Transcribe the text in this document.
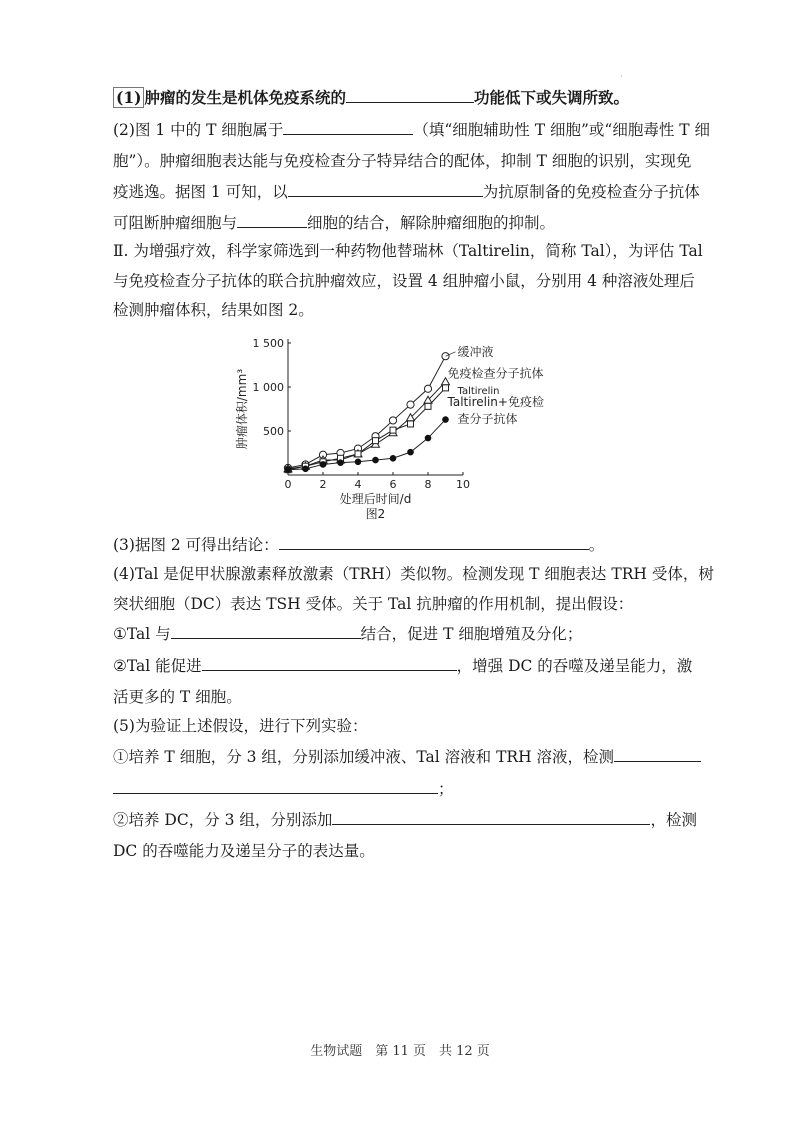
·
(1) 肿瘤的发生是机体免疫系统的	功能低下或失调所致。
(2)图 1 中的 T 细胞属于	（填“细胞辅助性 T 细胞”或“细胞毒性 T 细
胞”）。肿瘤细胞表达能与免疫检查分子特异结合的配体，抑制 T 细胞的识别，实现免
疫逃逸。据图 1 可知，以	为抗原制备的免疫检查分子抗体
可阻断肿瘤细胞与	细胞的结合，解除肿瘤细胞的抑制。
Ⅱ. 为增强疗效，科学家筛选到一种药物他替瑞林（Taltirelin，简称 Tal），为评估 Tal
与免疫检查分子抗体的联合抗肿瘤效应，设置 4 组肿瘤小鼠，分别用 4 种溶液处理后
检测肿瘤体积，结果如图 2。
0	2	4	6	8 10
500
1 000
1 500
处理后时间/d
图2
肿瘤体积/mm³
缓冲液
免疫检查分子抗体
Taltirelin
Taltirelin+免疫检
查分子抗体
(3)据图 2 可得出结论：	。
(4)Tal 是促甲状腺激素释放激素（TRH）类似物。检测发现 T 细胞表达 TRH 受体，树
突状细胞（DC）表达 TSH 受体。关于 Tal 抗肿瘤的作用机制，提出假设：
①Tal 与	结合，促进 T 细胞增殖及分化；
②Tal 能促进	，增强 DC 的吞噬及递呈能力，激
活更多的 T 细胞。
(5)为验证上述假设，进行下列实验：
①培养 T 细胞，分 3 组，分别添加缓冲液、Tal 溶液和 TRH 溶液，检测
；
②培养 DC，分 3 组，分别添加	，检测
DC 的吞噬能力及递呈分子的表达量。
生物试题　第 11 页　共 12 页
